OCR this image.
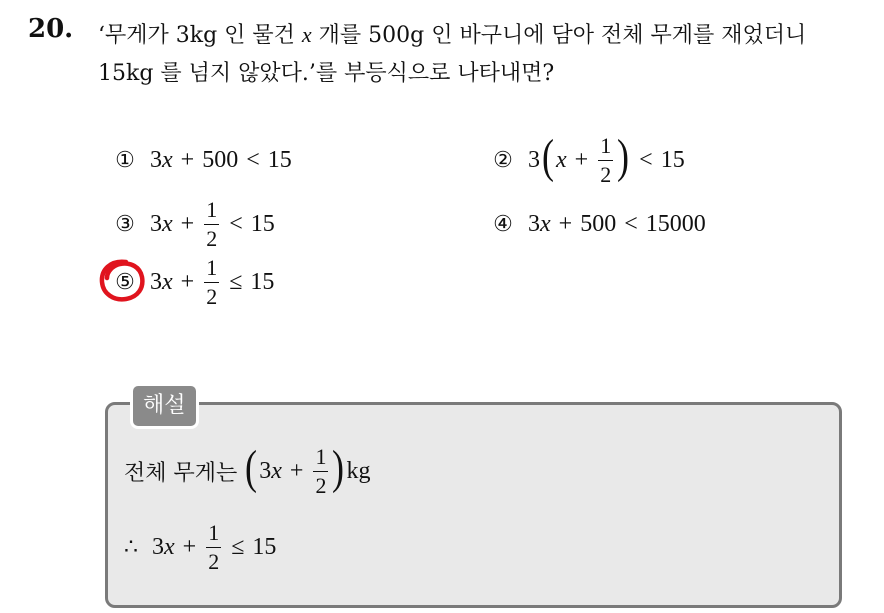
20. ‘무게가 3kg 인 물건 x 개를 500g 인 바구니에 담아 전체 무게를 재었더니 15kg 를 넘지 않았다.’를 부등식으로 나타내면?
① 3 x + 500 < 15	② 3 ( $x + \frac{1}{2}$ ) < 15
③ 3 $x + \frac{1}{2} < 15$	④ 3 x + 500 < 15000
⑤ 3 $x + \frac{1}{2} \le 15$
해설
전체 무게는 ( 3 $x + \frac{1}{2}$ ) kg
∴ 3 $x + \frac{1}{2} \le 15$
